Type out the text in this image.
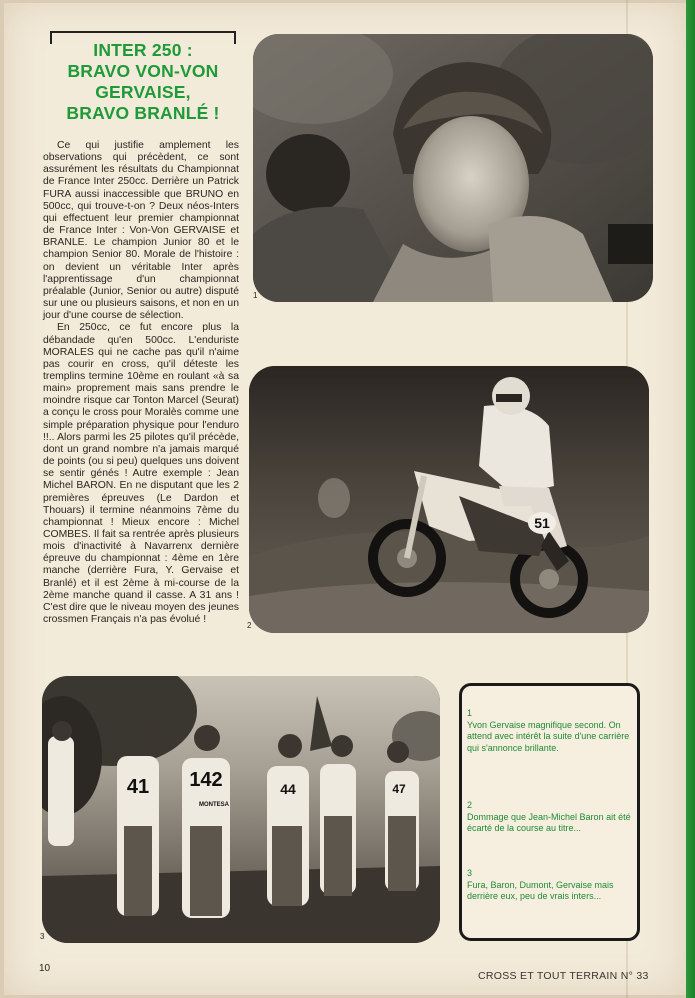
INTER 250 :
BRAVO VON-VON
GERVAISE,
BRAVO BRANLÉ !

Ce qui justifie amplement les observations qui précèdent, ce sont assurément les résultats du Championnat de France Inter 250cc. Derrière un Patrick FURA aussi inaccessible que BRUNO en 500cc, qui trouve-t-on ? Deux néos-Inters qui effectuent leur premier championnat de France Inter : Von-Von GERVAISE et BRANLE. Le champion Junior 80 et le champion Senior 80. Morale de l'histoire : on devient un véritable Inter après l'apprentissage d'un championnat préalable (Junior, Senior ou autre) disputé sur une ou plusieurs saisons, et non en un jour d'une course de sélection.

En 250cc, ce fut encore plus la débandade qu'en 500cc. L'enduriste MORALES qui ne cache pas qu'il n'aime pas courir en cross, qu'il déteste les tremplins termine 10ème en roulant «à sa main» proprement mais sans prendre le moindre risque car Tonton Marcel (Seurat) a conçu le cross pour Moralès comme une simple préparation physique pour l'enduro !!.. Alors parmi les 25 pilotes qu'il précède, dont un grand nombre n'a jamais marqué de points (ou si peu) quelques uns doivent se sentir génés ! Autre exemple : Jean Michel BARON. En ne disputant que les 2 premières épreuves (Le Dardon et Thouars) il termine néanmoins 7ème du championnat ! Mieux encore : Michel COMBES. Il fait sa rentrée après plusieurs mois d'inactivité à Navarrenx dernière épreuve du championnat : 4ème en 1ère manche (derrière Fura, Y. Gervaise et Branlé) et il est 2ème à mi-course de la 2ème manche quand il casse. A 31 ans ! C'est dire que le niveau moyen des jeunes crossmen Français n'a pas évolué !

1
51
2
41 142	44	47
MONTESA
3
1
Yvon Gervaise magnifique second. On attend avec intérêt la suite d'une carrière qui s'annonce brillante.
2
Dommage que Jean-Michel Baron ait été écarté de la course au titre...
3
Fura, Baron, Dumont, Gervaise mais derrière eux, peu de vrais inters...
10
CROSS ET TOUT TERRAIN N° 33
